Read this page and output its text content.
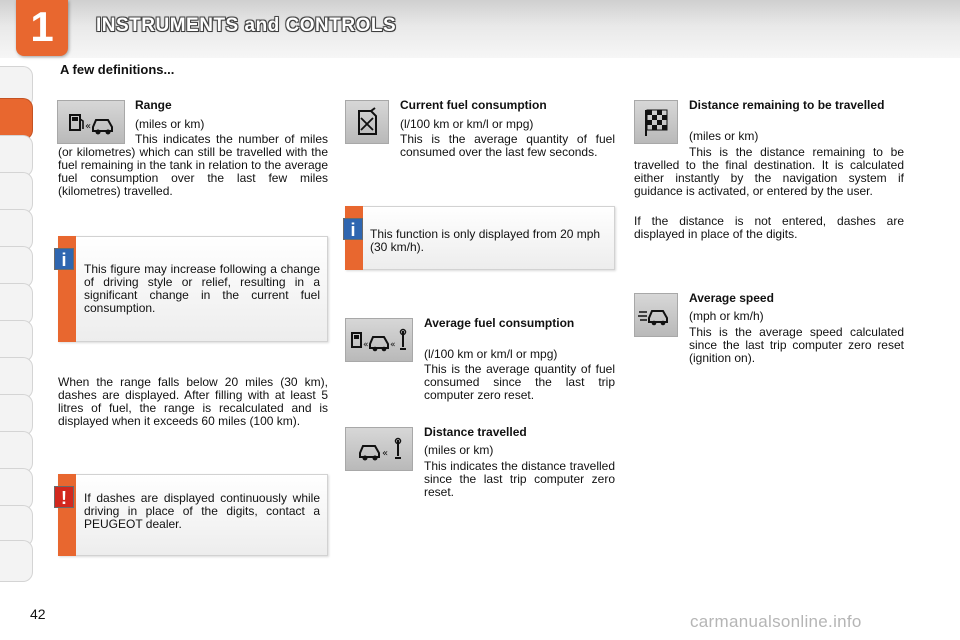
1	INSTRUMENTS and CONTROLS
A few definitions...
«
Range
(miles or km)
This indicates the number of miles (or kilometres) which can still be travelled with the fuel remaining in the tank in relation to the average fuel consumption over the last few miles (kilometres) travelled.
i	This figure may increase following a change of driving style or relief, resulting in a significant change in the current fuel consumption.
When the range falls below 20 miles (30 km), dashes are displayed. After filling with at least 5 litres of fuel, the range is recalculated and is displayed when it exceeds 60 miles (100 km).
!	If dashes are displayed continuously while driving in place of the digits, contact a PEUGEOT dealer.
Current fuel consumption
(l/100 km or km/l or mpg)
This is the average quantity of fuel consumed over the last few seconds.
i	This function is only displayed from 20 mph (30 km/h).
« «
Average fuel consumption
(l/100 km or km/l or mpg)
This is the average quantity of fuel consumed since the last trip computer zero reset.
«
Distance travelled
(miles or km)
This indicates the distance travelled since the last trip computer zero reset.
Distance remaining to be travelled
(miles or km)
This is the distance remaining to be travelled to the final destination. It is calculated either instantly by the navigation system if guidance is activated, or entered by the user.
If the distance is not entered, dashes are displayed in place of the digits.
Average speed
(mph or km/h)
This is the average speed calculated since the last trip computer zero reset (ignition on).
42	carmanualsonline.info
